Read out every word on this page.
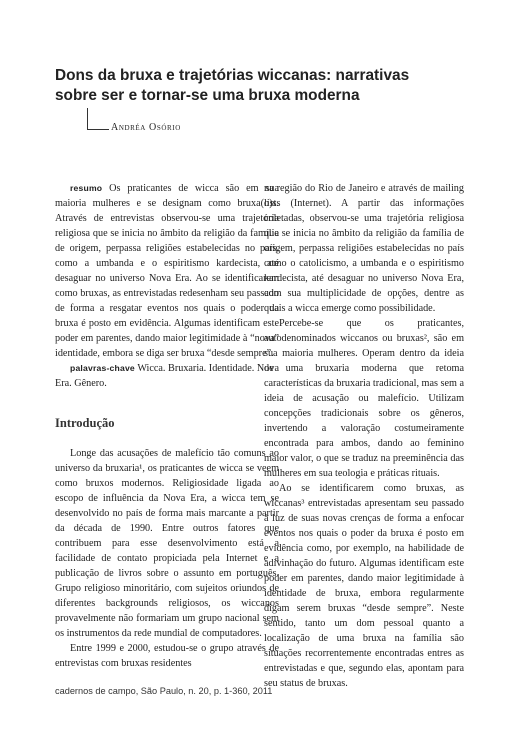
Dons da bruxa e trajetórias wiccanas: narrativas
sobre ser e tornar-se uma bruxa moderna
Andréa Osório

resumo Os praticantes de wicca são em sua maioria mulheres e se designam como bruxa(o)s. Através de entrevistas observou-se uma trajetória religiosa que se inicia no âmbito da religião da família de origem, perpassa religiões estabelecidas no país, como a umbanda e o espiritismo kardecista, até desaguar no universo Nova Era. Ao se identificarem como bruxas, as entrevistadas redesenham seu passado de forma a resgatar eventos nos quais o poder da bruxa é posto em evidência. Algumas identificam este poder em parentes, dando maior legitimidade à “nova” identidade, embora se diga ser bruxa “desde sempre”.

palavras-chave Wicca. Bruxaria. Identidade. Nova Era. Gênero.

Introdução

Longe das acusações de malefício tão comuns ao universo da bruxaria¹, os praticantes de wicca se veem como bruxos modernos. Religiosidade ligada ao escopo de influência da Nova Era, a wicca tem se desenvolvido no país de forma mais marcante a partir da década de 1990. Entre outros fatores que contribuem para esse desenvolvimento está a facilidade de contato propiciada pela Internet e a publicação de livros sobre o assunto em português. Grupo religioso minoritário, com sujeitos oriundos de diferentes backgrounds religiosos, os wiccanos provavelmente não formariam um grupo nacional sem os instrumentos da rede mundial de computadores.

Entre 1999 e 2000, estudou-se o grupo através de entrevistas com bruxas residentes

na região do Rio de Janeiro e através de mailing lists (Internet). A partir das informações coletadas, observou-se uma trajetória religiosa que se inicia no âmbito da religião da família de origem, perpassa religiões estabelecidas no país como o catolicismo, a umbanda e o espiritismo kardecista, até desaguar no universo Nova Era, com sua multiplicidade de opções, dentre as quais a wicca emerge como possibilidade.

Percebe-se que os praticantes, autodenominados wiccanos ou bruxas², são em sua maioria mulheres. Operam dentro da ideia de uma bruxaria moderna que retoma características da bruxaria tradicional, mas sem a ideia de acusação ou malefício. Utilizam concepções tradicionais sobre os gêneros, invertendo a valoração costumeiramente encontrada para ambos, dando ao feminino maior valor, o que se traduz na preeminência das mulheres em sua teologia e práticas rituais.

Ao se identificarem como bruxas, as wiccanas³ entrevistadas apresentam seu passado à luz de suas novas crenças de forma a enfocar eventos nos quais o poder da bruxa é posto em evidência como, por exemplo, na habilidade de adivinhação do futuro. Algumas identificam este poder em parentes, dando maior legitimidade à identidade de bruxa, embora regularmente digam serem bruxas “desde sempre”. Neste sentido, tanto um dom pessoal quanto a localização de uma bruxa na família são situações recorrentemente encontradas entres as entrevistadas e que, segundo elas, apontam para seu status de bruxas.

cadernos de campo, São Paulo, n. 20, p. 1-360, 2011
